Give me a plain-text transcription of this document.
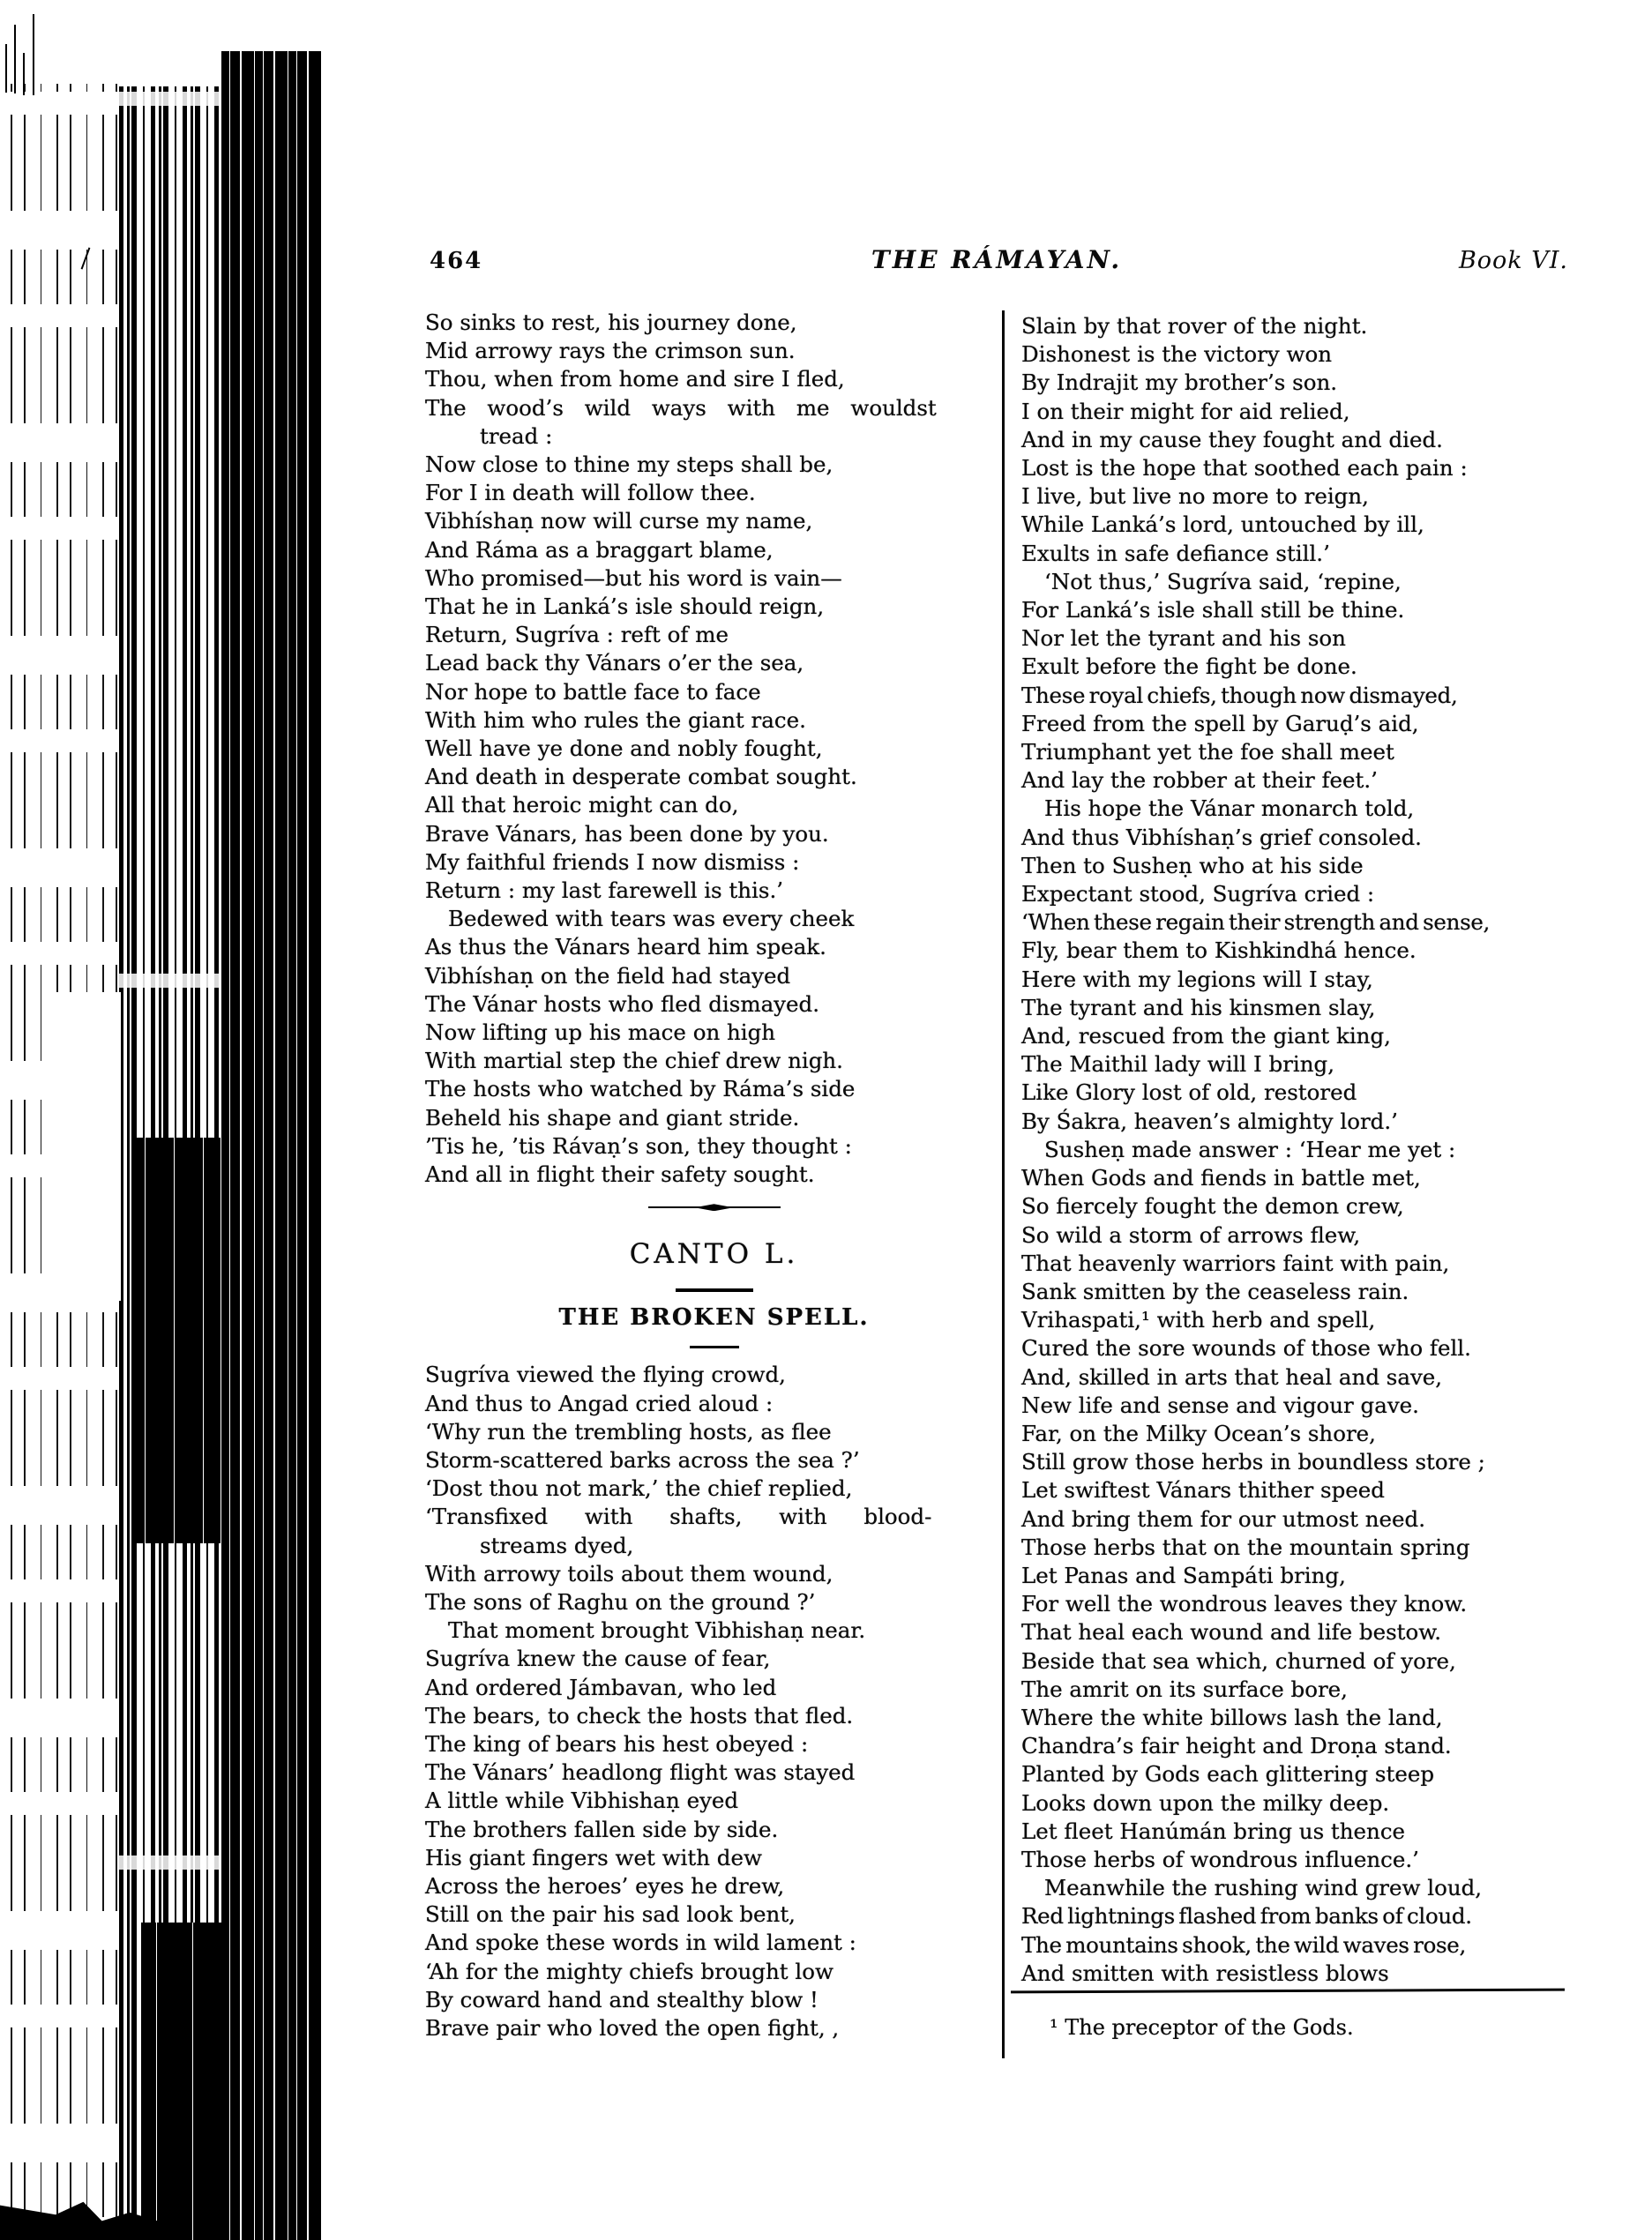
464	THE RÁMAYAN.	Book VI.
So sinks to rest, his journey done,
Mid arrowy rays the crimson sun.
Thou, when from home and sire I fled,
The wood’s wild ways with me wouldst
tread :
Now close to thine my steps shall be,
For I in death will follow thee.
Vibhíshaṇ now will curse my name,
And Ráma as a braggart blame,
Who promised—but his word is vain—
That he in Lanká’s isle should reign,
Return, Sugríva : reft of me
Lead back thy Vánars o’er the sea,
Nor hope to battle face to face
With him who rules the giant race.
Well have ye done and nobly fought,
And death in desperate combat sought.
All that heroic might can do,
Brave Vánars, has been done by you.
My faithful friends I now dismiss :
Return : my last farewell is this.’
Bedewed with tears was every cheek
As thus the Vánars heard him speak.
Vibhíshaṇ on the field had stayed
The Vánar hosts who fled dismayed.
Now lifting up his mace on high
With martial step the chief drew nigh.
The hosts who watched by Ráma’s side
Beheld his shape and giant stride.
’Tis he, ’tis Rávaṇ’s son, they thought :
And all in flight their safety sought.
CANTO L.
THE BROKEN SPELL.
Sugríva viewed the flying crowd,
And thus to Angad cried aloud :
‘Why run the trembling hosts, as flee
Storm-scattered barks across the sea ?’
‘Dost thou not mark,’ the chief replied,
‘Transfixed with shafts, with blood-
streams dyed,
With arrowy toils about them wound,
The sons of Raghu on the ground ?’
That moment brought Vibhishaṇ near.
Sugríva knew the cause of fear,
And ordered Jámbavan, who led
The bears, to check the hosts that fled.
The king of bears his hest obeyed :
The Vánars’ headlong flight was stayed
A little while Vibhishaṇ eyed
The brothers fallen side by side.
His giant fingers wet with dew
Across the heroes’ eyes he drew,
Still on the pair his sad look bent,
And spoke these words in wild lament :
‘Ah for the mighty chiefs brought low
By coward hand and stealthy blow !
Brave pair who loved the open fight, ,
Slain by that rover of the night.
Dishonest is the victory won
By Indrajit my brother’s son.
I on their might for aid relied,
And in my cause they fought and died.
Lost is the hope that soothed each pain :
I live, but live no more to reign,
While Lanká’s lord, untouched by ill,
Exults in safe defiance still.’
‘Not thus,’ Sugríva said, ‘repine,
For Lanká’s isle shall still be thine.
Nor let the tyrant and his son
Exult before the fight be done.
These royal chiefs, though now dismayed,
Freed from the spell by Garuḍ’s aid,
Triumphant yet the foe shall meet
And lay the robber at their feet.’
His hope the Vánar monarch told,
And thus Vibhíshaṇ’s grief consoled.
Then to Susheṇ who at his side
Expectant stood, Sugríva cried :
‘When these regain their strength and sense,
Fly, bear them to Kishkindhá hence.
Here with my legions will I stay,
The tyrant and his kinsmen slay,
And, rescued from the giant king,
The Maithil lady will I bring,
Like Glory lost of old, restored
By Śakra, heaven’s almighty lord.’
Susheṇ made answer : ‘Hear me yet :
When Gods and fiends in battle met,
So fiercely fought the demon crew,
So wild a storm of arrows flew,
That heavenly warriors faint with pain,
Sank smitten by the ceaseless rain.
Vrihaspati,¹ with herb and spell,
Cured the sore wounds of those who fell.
And, skilled in arts that heal and save,
New life and sense and vigour gave.
Far, on the Milky Ocean’s shore,
Still grow those herbs in boundless store ;
Let swiftest Vánars thither speed
And bring them for our utmost need.
Those herbs that on the mountain spring
Let Panas and Sampáti bring,
For well the wondrous leaves they know.
That heal each wound and life bestow.
Beside that sea which, churned of yore,
The amrit on its surface bore,
Where the white billows lash the land,
Chandra’s fair height and Droṇa stand.
Planted by Gods each glittering steep
Looks down upon the milky deep.
Let fleet Hanúmán bring us thence
Those herbs of wondrous influence.’
Meanwhile the rushing wind grew loud,
Red lightnings flashed from banks of cloud.
The mountains shook, the wild waves rose,
And smitten with resistless blows
¹ The preceptor of the Gods.
